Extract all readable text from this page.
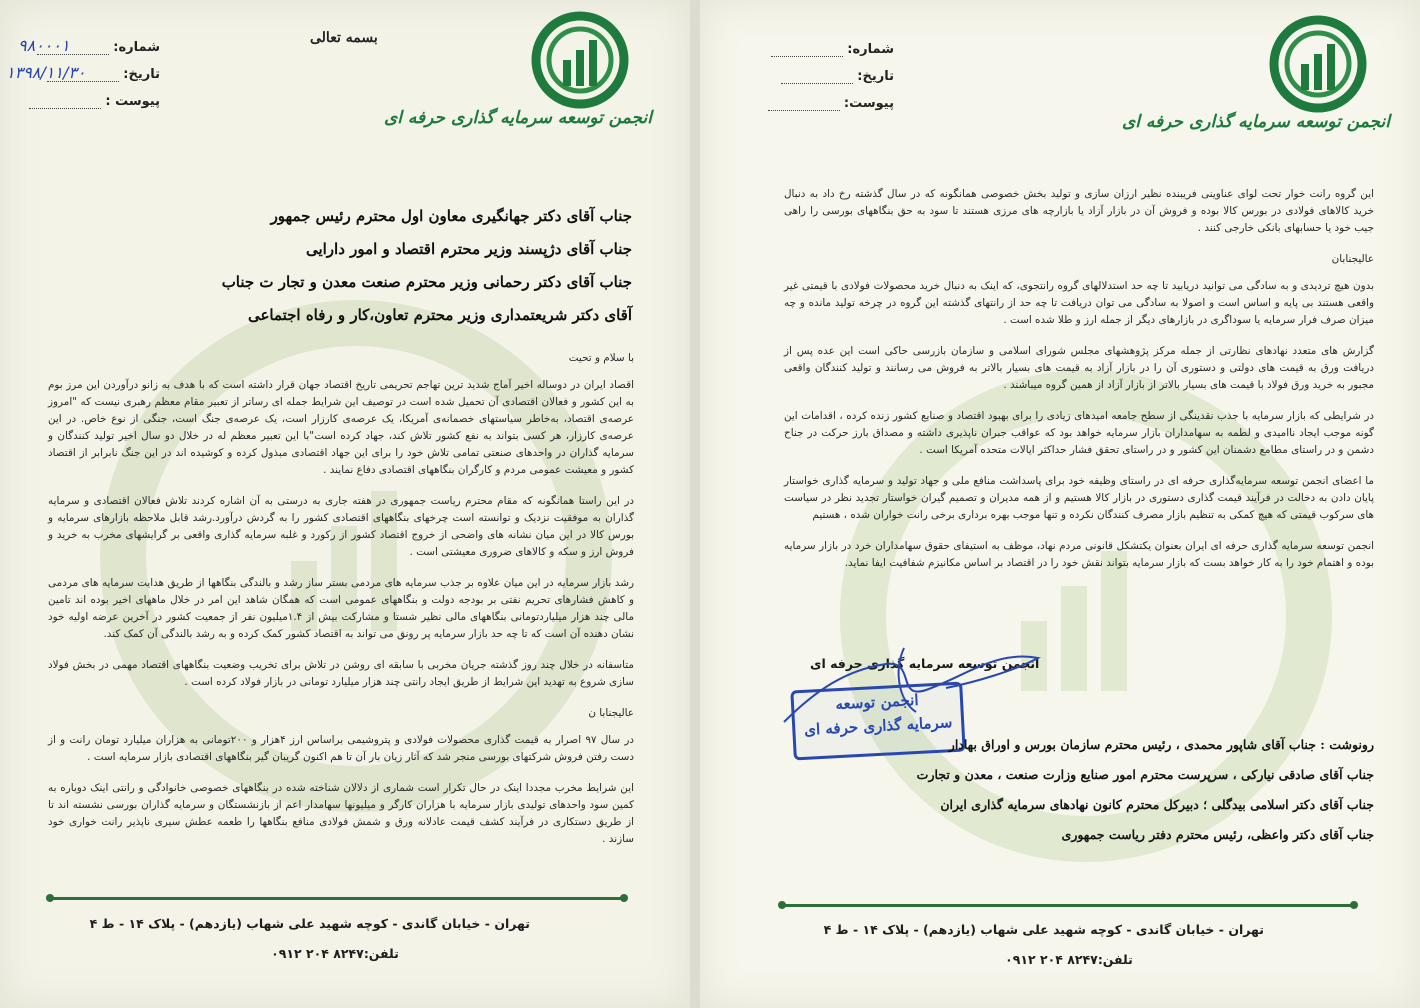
انجمن توسعه سرمایه گذاری حرفه ای
بسمه تعالی
شماره:
تاریخ:
پیوست :
۹۸۰۰۰۱
۱۳۹۸/۱۱/۳۰
جناب آقای دکتر جهانگیری معاون اول محترم رئیس جمهور
جناب آقای دژپسند وزیر محترم اقتصاد و امور دارایی
جناب آقای دکتر رحمانی وزیر محترم صنعت معدن و تجار ت جناب
آقای دکتر شریعتمداری وزیر محترم تعاون،کار و رفاه اجتماعی

با سلام و تحیت

اقصاد ایران در دوساله اخیر آماج شدید ترین تهاجم تحریمی تاریخ اقتصاد جهان قرار داشته است که با هدف به زانو درآوردن این مرز بوم به این کشور و فعالان اقتصادی آن تحمیل شده است در توصیف این شرایط جمله ای رساتر از تعبیر مقام معظم رهبری نیست که "امروز عرصه‌ی اقتصاد، به‌خاطر سیاستهای خصمانه‌ی آمریکا، یک عرصه‌ی کارزار است، یک عرصه‌ی جنگ است، جنگی از نوع خاص. در این عرصه‌ی کارزار، هر کسی بتواند به نفع کشور تلاش کند، جهاد کرده است"با این تعبیر معظم له در خلال دو سال اخیر تولید کنندگان و سرمایه گذاران در واحدهای صنعتی تمامی تلاش خود را برای این جهاد اقتصادی مبذول کرده و کوشیده اند در این جنگ نابرابر از اقتصاد کشور و معیشت عمومی مردم و کارگران بنگاههای اقتصادی دفاع نمایند .

در این راستا همانگونه که مقام محترم ریاست جمهوری در هفته جاری به درستی به آن اشاره کردند تلاش فعالان اقتصادی و سرمایه گذاران به موفقیت نزدیک و توانسته است چرخهای بنگاههای اقتصادی کشور را به گردش درآورد.رشد قابل ملاحظه بازارهای سرمایه و بورس کالا در این میان نشانه های واضحی از خروج اقتصاد کشور از رکورد و غلبه سرمایه گذاری واقعی بر گرایشهای مخرب به خرید و فروش ارز و سکه و کالاهای ضروری معیشتی است .

رشد بازار سرمایه در این میان علاوه بر جذب سرمایه های مردمی بستر ساز رشد و بالندگی بنگاهها از طریق هدایت سرمایه های مردمی و کاهش فشارهای تحریم نفتی بر بودجه دولت و بنگاههای عمومی است که همگان شاهد این امر در خلال ماههای اخیر بوده اند تامین مالی چند هزار میلیاردتومانی بنگاههای مالی نظیر شستا و مشارکت بیش از ۱.۴میلیون نفر از جمعیت کشور در آخرین عرضه اولیه خود نشان دهنده آن است که تا چه حد بازار سرمایه پر رونق می تواند به اقتصاد کشور کمک کرده و به رشد بالندگی آن کمک کند.

متاسفانه در خلال چند روز گذشته جریان مخربی با سابقه ای روشن در تلاش برای تخریب وضعیت بنگاههای اقتصاد مهمی در بخش فولاد سازی شروع به تهدید این شرایط از طریق ایجاد رانتی چند هزار میلیارد تومانی در بازار فولاد کرده است .

عالیجنابا ن

در سال ۹۷ اصرار به قیمت گذاری محصولات فولادی و پتروشیمی براساس ارز ۴هزار و ۲۰۰تومانی به هزاران میلیارد تومان رانت و از دست رفتن فروش شرکتهای بورسی منجر شد که آثار زیان بار آن تا هم اکنون گریبان گیر بنگاههای اقتصادی بازار سرمایه است .

این شرایط مخرب مجددا اینک در حال تکرار است شماری از دلالان شناخته شده در بنگاههای خصوصی خانوادگی و رانتی اینک دوباره به کمین سود واحدهای تولیدی بازار سرمایه با هزاران کارگر و میلیونها سهامدار اعم از بازنشستگان و سرمایه گذاران بورسی نشسته اند تا از طریق دستکاری در فرآیند کشف قیمت عادلانه ورق و شمش فولادی منافع بنگاهها را طعمه عطش سیری ناپذیر رانت خواری خود سازند .

تهران - خیابان گاندی - کوچه شهید علی شهاب (یازدهم) - پلاک ۱۴ - ط ۴
تلفن:۸۲۴۷ ۲۰۴ ۰۹۱۲
انجمن توسعه سرمایه گذاری حرفه ای
شماره:
تاریخ:
پیوست:

این گروه رانت خوار تحت لوای عناوینی فریبنده نظیر ارزان سازی و تولید بخش خصوصی همانگونه که در سال گذشته رخ داد به دنبال خرید کالاهای فولادی در بورس کالا بوده و فروش آن در بازار آزاد یا بازارچه های مرزی هستند تا سود به حق بنگاههای بورسی را راهی جیب خود یا حسابهای بانکی خارجی کنند .

عالیجنابان

بدون هیچ تردیدی و به سادگی می توانید دریابید تا چه حد استدلالهای گروه رانتجوی، که اینک به دنبال خرید محصولات فولادی با قیمتی غیر واقعی هستند بی پایه و اساس است و اصولا به سادگی می توان دریافت تا چه حد از رانتهای گذشته این گروه در چرخه تولید مانده و چه میزان صرف فرار سرمایه یا سوداگری در بازارهای دیگر از جمله ارز و طلا شده است .

گزارش های متعدد نهادهای نظارتی از جمله مرکز پژوهشهای مجلس شورای اسلامی و سازمان بازرسی حاکی است این عده پس از دریافت ورق به قیمت های دولتی و دستوری آن را در بازار آزاد به قیمت های بسیار بالاتر به فروش می رسانند و تولید کنندگان واقعی مجبور به خرید ورق فولاد با قیمت های بسیار بالاتر از بازار آزاد از همین گروه میباشند .

در شرایطی که بازار سرمایه با جذب نقدینگی از سطح جامعه امیدهای زیادی را برای بهبود اقتصاد و صنایع کشور زنده کرده ، اقدامات این گونه موجب ایجاد ناامیدی و لطمه به سهامداران بازار سرمایه خواهد بود که عواقب جبران ناپذیری داشته و مصداق بارز حرکت در جناح دشمن و در راستای مطامع دشمنان این کشور و در راستای تحقق فشار حداکثر ایالات متحده آمریکا است .

ما اعضای انجمن توسعه سرمایه‌گذاری حرفه ای در راستای وظیفه خود برای پاسداشت منافع ملی و جهاد تولید و سرمایه گذاری خواستار پایان دادن به دخالت در فرآیند قیمت گذاری دستوری در بازار کالا هستیم و از همه مدیران و تصمیم گیران خواستار تجدید نظر در سیاست های سرکوب قیمتی که هیچ کمکی به تنظیم بازار مصرف کنندگان نکرده و تنها موجب بهره برداری برخی رانت خواران شده ، هستیم

انجمن توسعه سرمایه گذاری حرفه ای ایران بعنوان یکتشکل قانونی مردم نهاد، موظف به استیفای حقوق سهامداران خرد در بازار سرمایه بوده و اهتمام خود را به کار خواهد بست که بازار سرمایه بتواند نقش خود را در اقتصاد بر اساس مکانیزم شفافیت ایفا نماید.

انجمن توسعه سرمایه گذاری حرفه ای
انجمن توسعه
سرمایه گذاری حرفه ای
رونوشت : جناب آقای شاپور محمدی ، رئیس محترم سازمان بورس و اوراق بهادار
جناب آقای صادقی نیارکی ، سرپرست محترم امور صنایع وزارت صنعت ، معدن و تجارت
جناب آقای دکتر اسلامی بیدگلی ؛ دبیرکل محترم کانون نهادهای سرمایه گذاری ایران
جناب آقای دکتر واعظی، رئیس محترم دفتر ریاست جمهوری
تهران - خیابان گاندی - کوچه شهید علی شهاب (یازدهم) - پلاک ۱۴ - ط ۴
تلفن:۸۲۴۷ ۲۰۴ ۰۹۱۲
